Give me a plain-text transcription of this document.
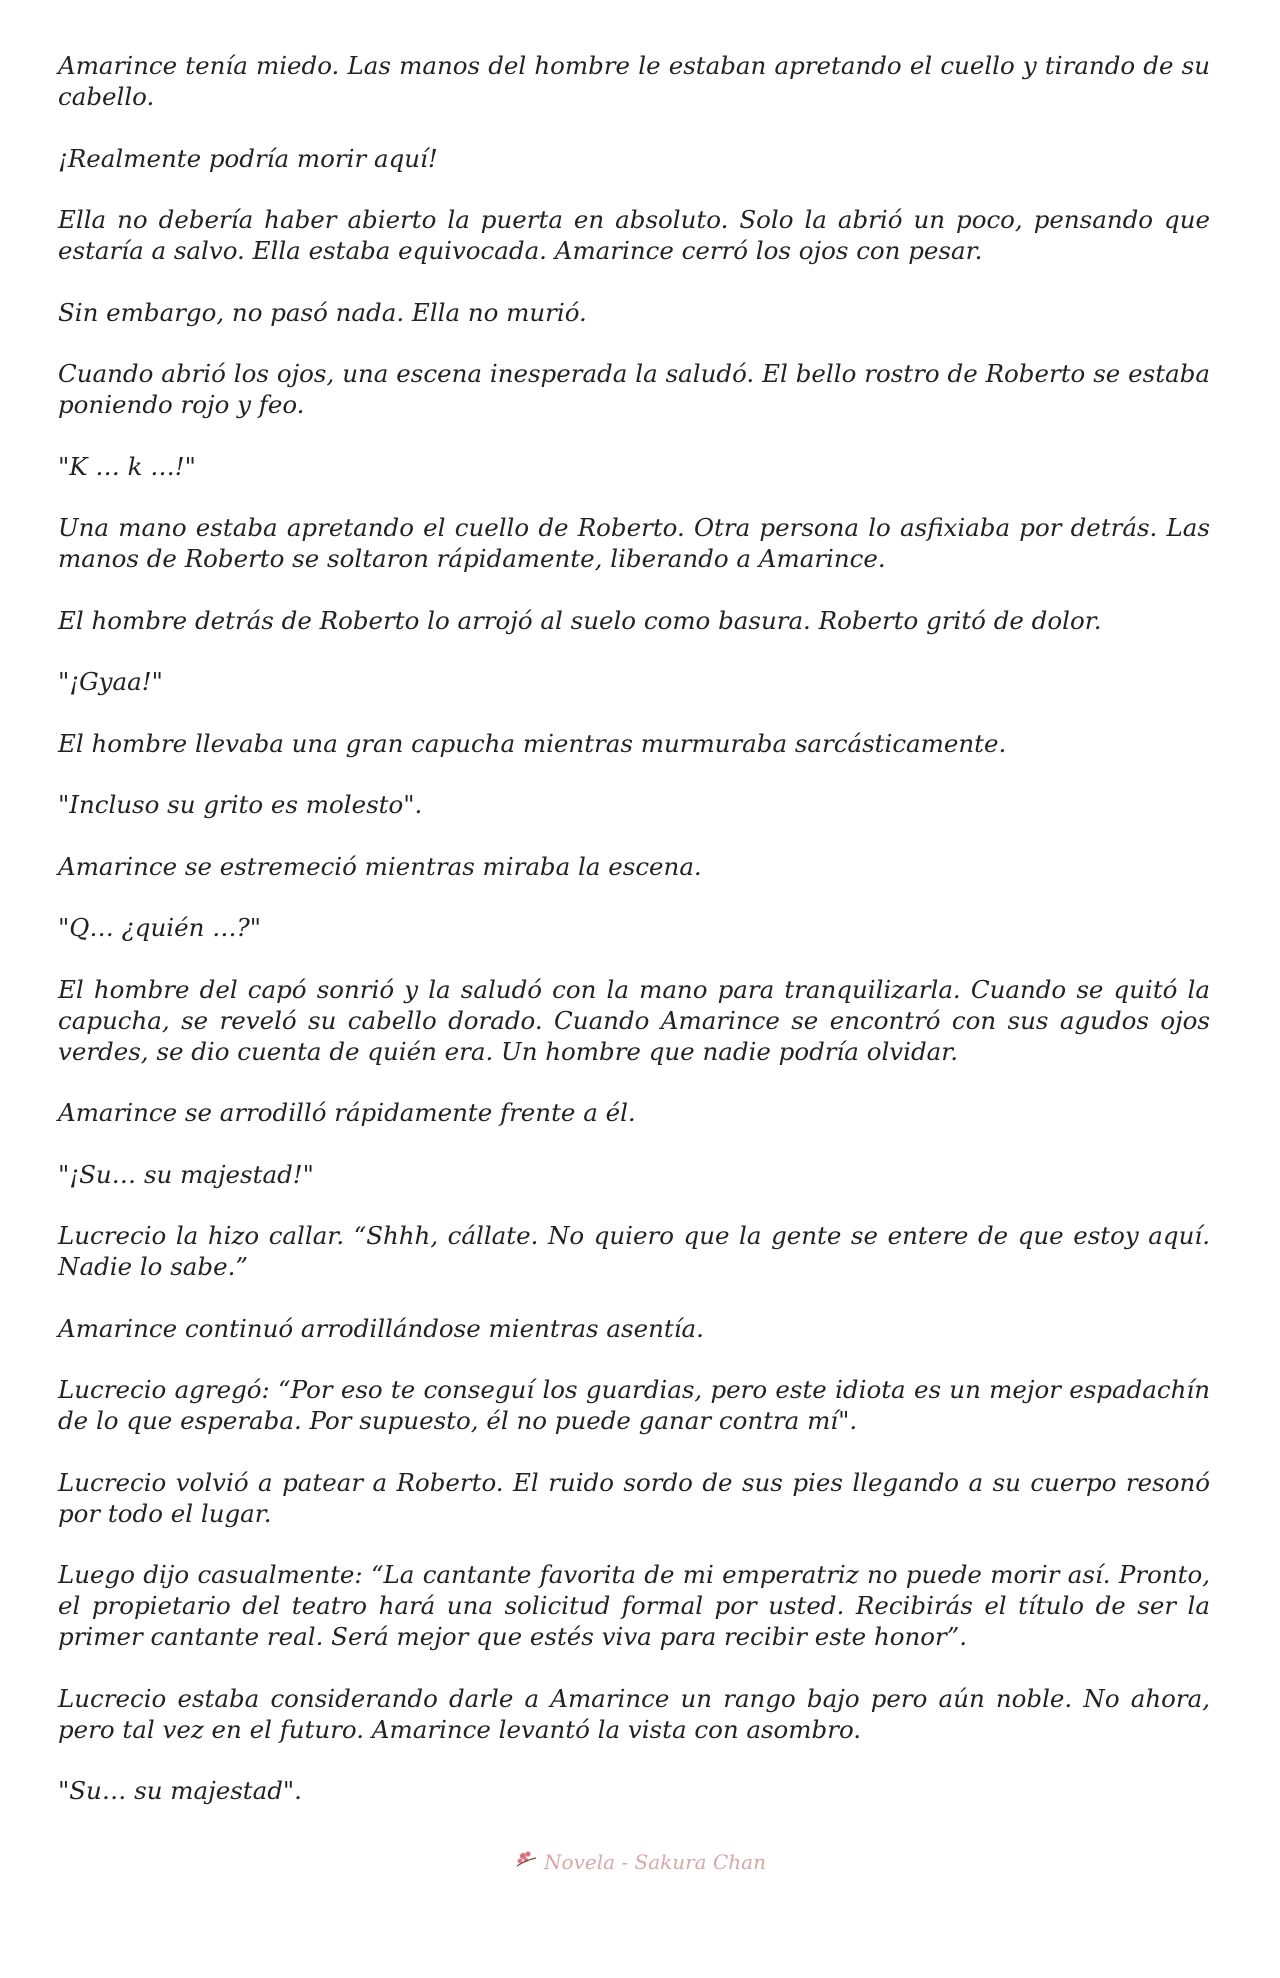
Amarince tenía miedo. Las manos del hombre le estaban apretando el cuello y tirando de su cabello.

¡Realmente podría morir aquí!

Ella no debería haber abierto la puerta en absoluto. Solo la abrió un poco, pensando que estaría a salvo. Ella estaba equivocada. Amarince cerró los ojos con pesar.

Sin embargo, no pasó nada. Ella no murió.

Cuando abrió los ojos, una escena inesperada la saludó. El bello rostro de Roberto se estaba poniendo rojo y feo.

"K … k …!"

Una mano estaba apretando el cuello de Roberto. Otra persona lo asfixiaba por detrás. Las manos de Roberto se soltaron rápidamente, liberando a Amarince.

El hombre detrás de Roberto lo arrojó al suelo como basura. Roberto gritó de dolor.

"¡Gyaa!"

El hombre llevaba una gran capucha mientras murmuraba sarcásticamente.

"Incluso su grito es molesto".

Amarince se estremeció mientras miraba la escena.

"Q… ¿quién …?"

El hombre del capó sonrió y la saludó con la mano para tranquilizarla. Cuando se quitó la capucha, se reveló su cabello dorado. Cuando Amarince se encontró con sus agudos ojos verdes, se dio cuenta de quién era. Un hombre que nadie podría olvidar.

Amarince se arrodilló rápidamente frente a él.

"¡Su… su majestad!"

Lucrecio la hizo callar. “Shhh, cállate. No quiero que la gente se entere de que estoy aquí. Nadie lo sabe.”

Amarince continuó arrodillándose mientras asentía.

Lucrecio agregó: “Por eso te conseguí los guardias, pero este idiota es un mejor espadachín de lo que esperaba. Por supuesto, él no puede ganar contra mí".

Lucrecio volvió a patear a Roberto. El ruido sordo de sus pies llegando a su cuerpo resonó por todo el lugar.

Luego dijo casualmente: “La cantante favorita de mi emperatriz no puede morir así. Pronto, el propietario del teatro hará una solicitud formal por usted. Recibirás el título de ser la primer cantante real. Será mejor que estés viva para recibir este honor”.

Lucrecio estaba considerando darle a Amarince un rango bajo pero aún noble. No ahora, pero tal vez en el futuro. Amarince levantó la vista con asombro.

"Su… su majestad".

Novela - Sakura Chan
